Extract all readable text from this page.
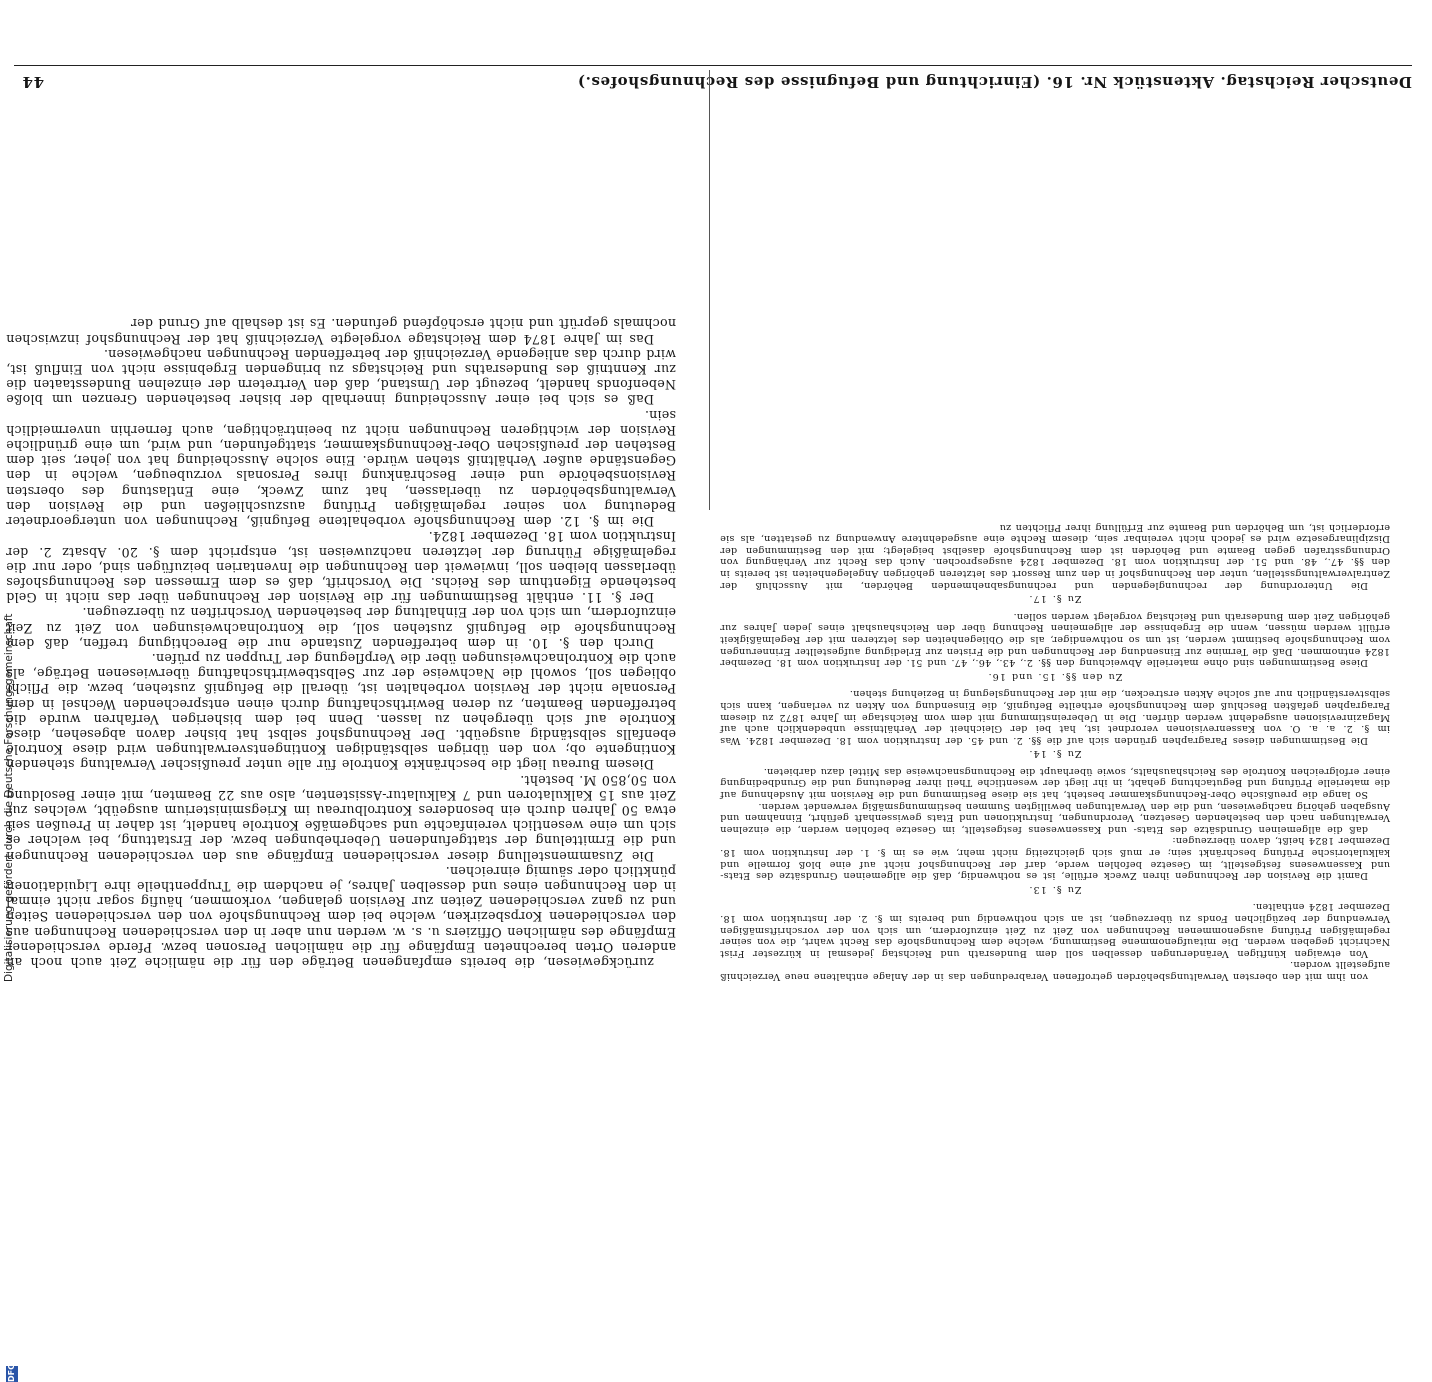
44	Deutscher Reichstag. Aktenstück Nr. 16. (Einrichtung und Befugnisse des Rechnungshofes.)

zurückgewiesen, die bereits empfangenen Beträge den für die nämliche Zeit auch noch an anderen Orten berechneten Empfänge für die nämlichen Personen bezw. Pferde verschiedener Empfänge des nämlichen Offiziers u. s. w. werden nun aber in den verschiedenen Rechnungen aus den verschiedenen Korpsbezirken, welche bei dem Rechnungshofe von den verschiedenen Seiten und zu ganz verschiedenen Zeiten zur Revision gelangen, vorkommen, häufig sogar nicht einmal in den Rechnungen eines und desselben Jahres, je nachdem die Truppentheile ihre Liquidationen pünktlich oder säumig einreichen.

Die Zusammenstellung dieser verschiedenen Empfänge aus den verschiedenen Rechnungen und die Ermittelung der stattgefundenen Ueberhebungen bezw. der Erstattung, bei welcher es sich um eine wesentlich vereinfachte und sachgemäße Kontrole handelt, ist daher in Preußen seit etwa 50 Jahren durch ein besonderes Kontrolbureau im Kriegsministerium ausgeübt, welches zur Zeit aus 15 Kalkulatoren und 7 Kalkulatur-Assistenten, also aus 22 Beamten, mit einer Besoldung von 50,850 M. besteht.

Diesem Bureau liegt die beschränkte Kontrole für alle unter preußischer Verwaltung stehenden Kontingente ob; von den übrigen selbständigen Kontingentsverwaltungen wird diese Kontrole ebenfalls selbständig ausgeübt. Der Rechnungshof selbst hat bisher davon abgesehen, diese Kontrole auf sich übergehen zu lassen. Denn bei dem bisherigen Verfahren wurde die betreffenden Beamten, zu deren Bewirthschaftung durch einen entsprechenden Wechsel in dem Personale nicht der Revision vorbehalten ist, überall die Befugniß zustehen, bezw. die Pflicht obliegen soll, sowohl die Nachweise der zur Selbstbewirthschaftung überwiesenen Beträge, als auch die Kontrolnachweisungen über die Verpflegung der Truppen zu prüfen.

Durch den §. 10. in dem betreffenden Zustande nur die Berechtigung treffen, daß dem Rechnungshofe die Befugniß zustehen soll, die Kontrolnachweisungen von Zeit zu Zeit einzufordern, um sich von der Einhaltung der bestehenden Vorschriften zu überzeugen.

Der §. 11. enthält Bestimmungen für die Revision der Rechnungen über das nicht in Geld bestehende Eigenthum des Reichs. Die Vorschrift, daß es dem Ermessen des Rechnungshofes überlassen bleiben soll, inwieweit den Rechnungen die Inventarien beizufügen sind, oder nur die regelmäßige Führung der letzteren nachzuweisen ist, entspricht dem §. 20. Absatz 2. der Instruktion vom 18. Dezember 1824.

Die im §. 12. dem Rechnungshofe vorbehaltene Befugniß, Rechnungen von untergeordneter Bedeutung von seiner regelmäßigen Prüfung auszuschließen und die Revision den Verwaltungsbehörden zu überlassen, hat zum Zweck, eine Entlastung des obersten Revisionsbehörde und einer Beschränkung ihres Personals vorzubeugen, welche in den Gegenstände außer Verhältniß stehen würde. Eine solche Ausscheidung hat von jeher, seit dem Bestehen der preußischen Ober-Rechnungskammer, stattgefunden, und wird, um eine gründliche Revision der wichtigeren Rechnungen nicht zu beeinträchtigen, auch fernerhin unvermeidlich sein.

Daß es sich bei einer Ausscheidung innerhalb der bisher bestehenden Grenzen um bloße Nebenfonds handelt, bezeugt der Umstand, daß den Vertretern der einzelnen Bundesstaaten die zur Kenntniß des Bundesraths und Reichstags zu bringenden Ergebnisse nicht von Einfluß ist, wird durch das anliegende Verzeichniß der betreffenden Rechnungen nachgewiesen.

Das im Jahre 1874 dem Reichstage vorgelegte Verzeichniß hat der Rechnungshof inzwischen nochmals geprüft und nicht erschöpfend gefunden. Es ist deshalb auf Grund der

von ihm mit den obersten Verwaltungsbehörden getroffenen Verabredungen das in der Anlage enthaltene neue Verzeichniß aufgestellt worden.

Von etwaigen künftigen Veränderungen desselben soll dem Bundesrath und Reichstag jedesmal in kürzester Frist Nachricht gegeben werden. Die mitaufgenommene Bestimmung, welche dem Rechnungshofe das Recht wahrt, die von seiner regelmäßigen Prüfung ausgenommenen Rechnungen von Zeit zu Zeit einzufordern, um sich von der vorschriftsmäßigen Verwendung der bezüglichen Fonds zu überzeugen, ist an sich nothwendig und bereits im §. 2. der Instruktion vom 18. Dezember 1824 enthalten.

Zu §. 13.

Damit die Revision der Rechnungen ihren Zweck erfülle, ist es nothwendig, daß die allgemeinen Grundsätze des Etats- und Kassenwesens festgestellt, im Gesetze befohlen werde, darf der Rechnungshof nicht auf eine bloß formelle und kalkulatorische Prüfung beschränkt sein; er muß sich gleichzeitig nicht mehr, wie es im §. 1. der Instruktion vom 18. Dezember 1824 heißt, davon überzeugen:

daß die allgemeinen Grundsätze des Etats- und Kassenwesens festgestellt, im Gesetze befohlen werden, die einzelnen Verwaltungen nach den bestehenden Gesetzen, Verordnungen, Instruktionen und Etats gewissenhaft geführt, Einnahmen und Ausgaben gehörig nachgewiesen, und die den Verwaltungen bewilligten Summen bestimmungsmäßig verwendet werden.

So lange die preußische Ober-Rechnungskammer besteht, hat sie diese Bestimmung und die Revision mit Ausdehnung auf die materielle Prüfung und Begutachtung gehabt, in ihr liegt der wesentliche Theil ihrer Bedeutung und die Grundbedingung einer erfolgreichen Kontrole des Reichshaushalts, sowie überhaupt die Rechnungsnachweise das Mittel dazu darbieten.

Zu §. 14.

Die Bestimmungen dieses Paragraphen gründen sich auf die §§. 2. und 45. der Instruktion vom 18. Dezember 1824. Was im §. 2. a. a. O. von Kassenrevisionen verordnet ist, hat bei der Gleichheit der Verhältnisse unbedenklich auch auf Magazinrevisionen ausgedehnt werden dürfen. Die in Uebereinstimmung mit dem vom Reichstage im Jahre 1872 zu diesem Paragraphen gefaßten Beschluß dem Rechnungshofe ertheilte Befugniß, die Einsendung von Akten zu verlangen, kann sich selbstverständlich nur auf solche Akten erstrecken, die mit der Rechnungslegung in Beziehung stehen.

Zu den §§. 15. und 16.

Diese Bestimmungen sind ohne materielle Abweichung den §§. 2., 43., 46., 47. und 51. der Instruktion vom 18. Dezember 1824 entnommen. Daß die Termine zur Einsendung der Rechnungen und die Fristen zur Erledigung aufgestellter Erinnerungen vom Rechnungshofe bestimmt werden, ist um so nothwendiger, als die Obliegenheiten des letzteren mit der Regelmäßigkeit erfüllt werden müssen, wenn die Ergebnisse der allgemeinen Rechnung über den Reichshaushalt eines jeden Jahres zur gehörigen Zeit dem Bundesrath und Reichstag vorgelegt werden sollen.

Zu §. 17.

Die Unterordnung der rechnunglegenden und rechnungsabnehmenden Behörden, mit Ausschluß der Zentralverwaltungsstellen, unter den Rechnungshof in den zum Ressort des letzteren gehörigen Angelegenheiten ist bereits in den §§. 47., 48. und 51. der Instruktion vom 18. Dezember 1824 ausgesprochen. Auch das Recht zur Verhängung von Ordnungsstrafen gegen Beamte und Behörden ist dem Rechnungshofe daselbst beigelegt; mit den Bestimmungen der Disziplinargesetze wird es jedoch nicht vereinbar sein, diesem Rechte eine ausgedehntere Anwendung zu gestatten, als sie erforderlich ist, um Behörden und Beamte zur Erfüllung ihrer Pflichten zu

Digitalisierung gefördert durch die Deutsche Forschungsgemeinschaft
DFG
